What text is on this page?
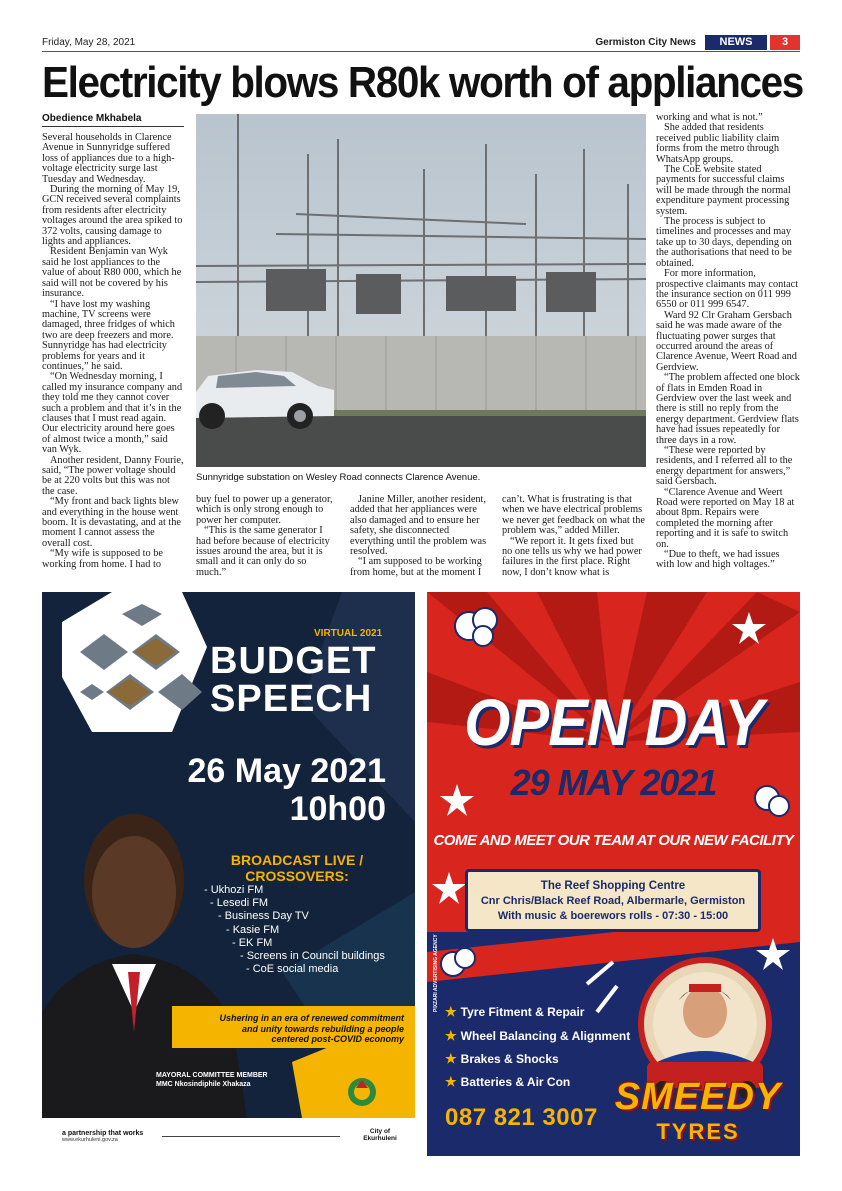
Friday, May 28, 2021	Germiston City News	NEWS	3
Electricity blows R80k worth of appliances
Obedience Mkhabela

Several households in Clarence Avenue in Sunnyridge suffered loss of appliances due to a high-voltage electricity surge last Tuesday and Wednesday.

During the morning of May 19, GCN received several complaints from residents after electricity voltages around the area spiked to 372 volts, causing damage to lights and appliances.

Resident Benjamin van Wyk said he lost appliances to the value of about R80 000, which he said will not be covered by his insurance.

“I have lost my washing machine, TV screens were damaged, three fridges of which two are deep freezers and more. Sunnyridge has had electricity problems for years and it continues,” he said.

“On Wednesday morning, I called my insurance company and they told me they cannot cover such a problem and that it’s in the clauses that I must read again. Our electricity around here goes of almost twice a month,” said van Wyk.

Another resident, Danny Fourie, said, “The power voltage should be at 220 volts but this was not the case.

“My front and back lights blew and everything in the house went boom. It is devastating, and at the moment I cannot assess the overall cost.

“My wife is supposed to be working from home. I had to

Sunnyridge substation on Wesley Road connects Clarence Avenue.

buy fuel to power up a generator, which is only strong enough to power her computer.

“This is the same generator I had before because of electricity issues around the area, but it is small and it can only do so much.”

Janine Miller, another resident, added that her appliances were also damaged and to ensure her safety, she disconnected everything until the problem was resolved.

“I am supposed to be working from home, but at the moment I

can’t. What is frustrating is that when we have electrical problems we never get feedback on what the problem was,” added Miller.

“We report it. It gets fixed but no one tells us why we had power failures in the first place. Right now, I don’t know what is

working and what is not.”

She added that residents received public liability claim forms from the metro through WhatsApp groups.

The CoE website stated payments for successful claims will be made through the normal expenditure payment processing system.

The process is subject to timelines and processes and may take up to 30 days, depending on the authorisations that need to be obtained.

For more information, prospective claimants may contact the insurance section on 011 999 6550 or 011 999 6547.

Ward 92 Clr Graham Gersbach said he was made aware of the fluctuating power surges that occurred around the areas of Clarence Avenue, Weert Road and Gerdview.

“The problem affected one block of flats in Emden Road in Gerdview over the last week and there is still no reply from the energy department. Gerdview flats have had issues repeatedly for three days in a row.

“These were reported by residents, and I referred all to the energy department for answers,” said Gersbach.

“Clarence Avenue and Weert Road were reported on May 18 at about 8pm. Repairs were completed the morning after reporting and it is safe to switch on.

“Due to theft, we had issues with low and high voltages.”

VIRTUAL 2021
BUDGET
SPEECH
26 May 2021
10h00
BROADCAST LIVE / CROSSOVERS:
- Ukhozi FM
- Lesedi FM
- Business Day TV
- Kasie FM
- EK FM
- Screens in Council buildings
- CoE social media
Ushering in an era of renewed commitment
and unity towards rebuilding a people
centered post-COVID economy
MAYORAL COMMITTEE MEMBER
MMC Nkosindiphile Xhakaza
a partnership that works
www.ekurhuleni.gov.za
City of
Ekurhuleni
OPEN DAY
29 MAY 2021
COME AND MEET OUR TEAM AT OUR NEW FACILITY
The Reef Shopping Centre
Cnr Chris/Black Reef Road, Albermarle, Germiston
With music & boerewors rolls - 07:30 - 15:00
★ Tyre Fitment & Repair
★ Wheel Balancing & Alignment
★ Brakes & Shocks
★ Batteries & Air Con
087 821 3007 SMEEDY
TYRES
PIXZARI ADVERTISING AGENCY
